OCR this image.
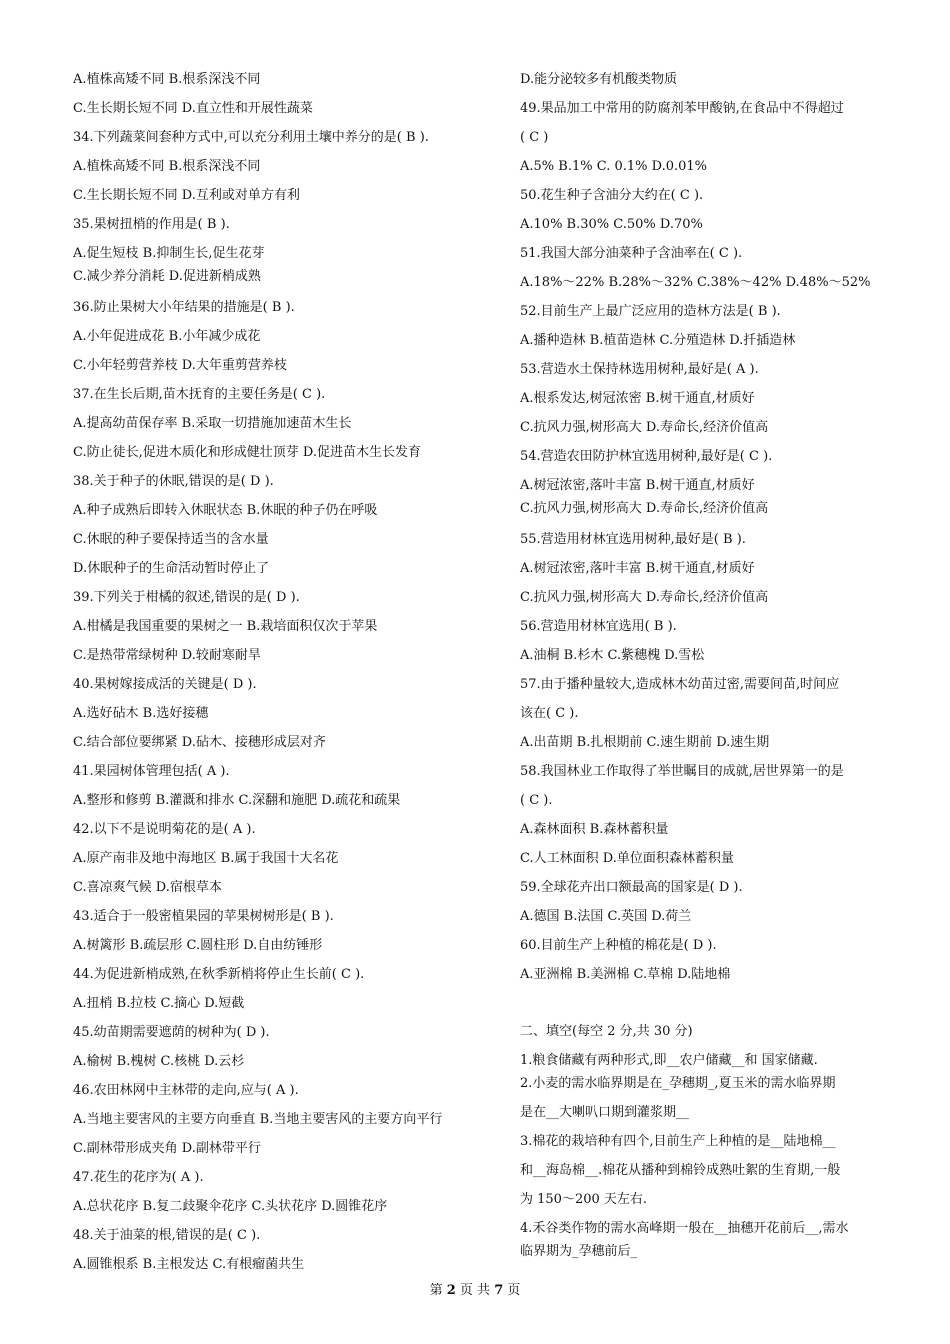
A.植株高矮不同 B.根系深浅不同

C.生长期长短不同 D.直立性和开展性蔬菜

34.下列蔬菜间套种方式中,可以充分利用土壤中养分的是( B ).

A.植株高矮不同 B.根系深浅不同

C.生长期长短不同 D.互利或对单方有利

35.果树扭梢的作用是( B ).

A.促生短枝 B.抑制生长,促生花芽

C.减少养分消耗 D.促进新梢成熟

36.防止果树大小年结果的措施是( B ).

A.小年促进成花 B.小年减少成花

C.小年轻剪营养枝 D.大年重剪营养枝

37.在生长后期,苗木抚育的主要任务是( C ).

A.提高幼苗保存率 B.采取一切措施加速苗木生长

C.防止徒长,促进木质化和形成健壮顶芽 D.促进苗木生长发育

38.关于种子的休眠,错误的是( D ).

A.种子成熟后即转入休眠状态 B.休眠的种子仍在呼吸

C.休眠的种子要保持适当的含水量

D.休眠种子的生命活动暂时停止了

39.下列关于柑橘的叙述,错误的是( D ).

A.柑橘是我国重要的果树之一 B.栽培面积仅次于苹果

C.是热带常绿树种 D.较耐寒耐旱

40.果树嫁接成活的关键是( D ).

A.选好砧木 B.选好接穗

C.结合部位要绑紧 D.砧木、接穗形成层对齐

41.果园树体管理包括( A ).

A.整形和修剪 B.灌溉和排水 C.深翻和施肥 D.疏花和疏果

42.以下不是说明菊花的是( A ).

A.原产南非及地中海地区 B.属于我国十大名花

C.喜凉爽气候 D.宿根草本

43.适合于一般密植果园的苹果树树形是( B ).

A.树篱形 B.疏层形 C.圆柱形 D.自由纺锤形

44.为促进新梢成熟,在秋季新梢将停止生长前( C ).

A.扭梢 B.拉枝 C.摘心 D.短截

45.幼苗期需要遮荫的树种为( D ).

A.榆树 B.槐树 C.核桃 D.云杉

46.农田林网中主林带的走向,应与( A ).

A.当地主要害风的主要方向垂直 B.当地主要害风的主要方向平行

C.副林带形成夹角 D.副林带平行

47.花生的花序为( A ).

A.总状花序 B.复二歧聚伞花序 C.头状花序 D.圆锥花序

48.关于油菜的根,错误的是( C ).

A.圆锥根系 B.主根发达 C.有根瘤菌共生

D.能分泌较多有机酸类物质

49.果品加工中常用的防腐剂苯甲酸钠,在食品中不得超过

( C )

A.5% B.1% C. 0.1% D.0.01%

50.花生种子含油分大约在( C ).

A.10% B.30% C.50% D.70%

51.我国大部分油菜种子含油率在( C ).

A.18%～22% B.28%～32% C.38%～42% D.48%～52%

52.目前生产上最广泛应用的造林方法是( B ).

A.播种造林 B.植苗造林 C.分殖造林 D.扦插造林

53.营造水土保持林选用树种,最好是( A ).

A.根系发达,树冠浓密 B.树干通直,材质好

C.抗风力强,树形高大 D.寿命长,经济价值高

54.营造农田防护林宜选用树种,最好是( C ).

A.树冠浓密,落叶丰富 B.树干通直,材质好

C.抗风力强,树形高大 D.寿命长,经济价值高

55.营造用材林宜选用树种,最好是( B ).

A.树冠浓密,落叶丰富 B.树干通直,材质好

C.抗风力强,树形高大 D.寿命长,经济价值高

56.营造用材林宜选用( B ).

A.油桐 B.杉木 C.紫穗槐 D.雪松

57.由于播种量较大,造成林木幼苗过密,需要间苗,时间应

该在( C ).

A.出苗期 B.扎根期前 C.速生期前 D.速生期

58.我国林业工作取得了举世瞩目的成就,居世界第一的是

( C ).

A.森林面积 B.森林蓄积量

C.人工林面积 D.单位面积森林蓄积量

59.全球花卉出口额最高的国家是( D ).

A.德国 B.法国 C.英国 D.荷兰

60.目前生产上种植的棉花是( D ).

A.亚洲棉 B.美洲棉 C.草棉 D.陆地棉

二、填空(每空 2 分,共 30 分)

1.粮食储藏有两种形式,即__农户储藏__和 国家储藏.

2.小麦的需水临界期是在_孕穗期_,夏玉米的需水临界期

是在__大喇叭口期到灌浆期__

3.棉花的栽培种有四个,目前生产上种植的是__陆地棉__

和__海岛棉__.棉花从播种到棉铃成熟吐絮的生育期,一般

为 150～200 天左右.

4.禾谷类作物的需水高峰期一般在__抽穗开花前后__,需水

临界期为_孕穗前后_

第 2 页 共 7 页
